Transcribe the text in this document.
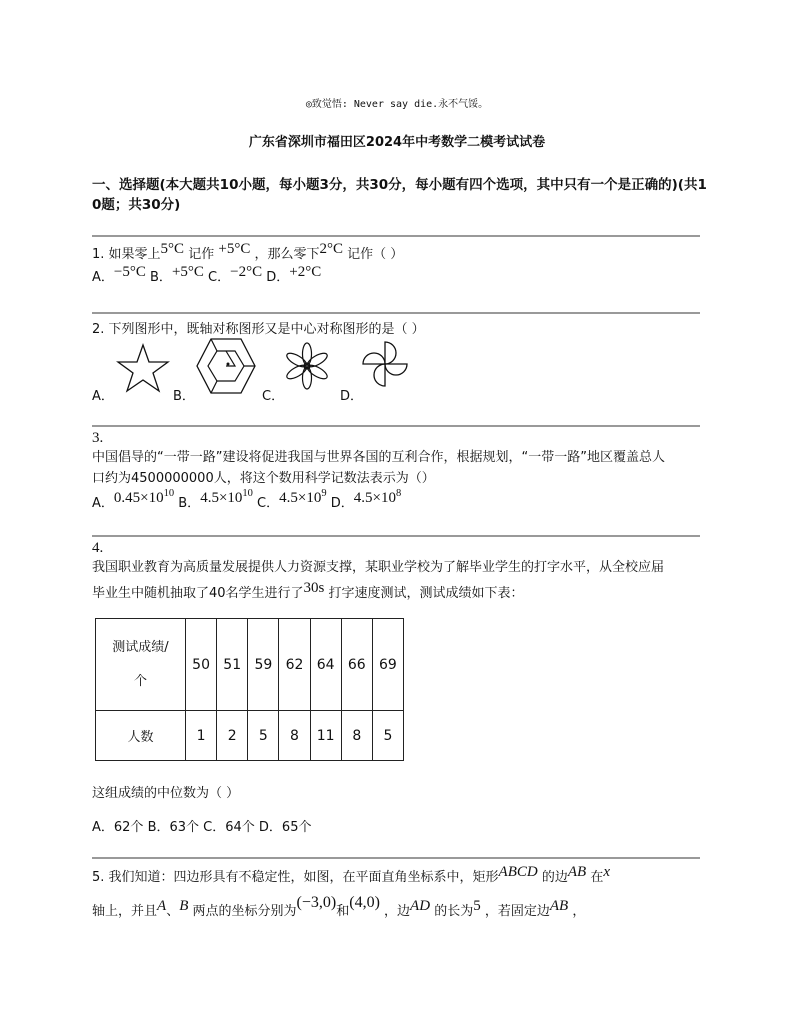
◎致觉悟: Never say die.永不气馁。
广东省深圳市福田区2024年中考数学二模考试试卷
一、选择题(本大题共10小题，每小题3分，共30分，每小题有四个选项，其中只有一个是正确的)(共1
0题；共30分)
1. 如果零上5°C 记作 +5°C ，那么零下2°C 记作（ ）
A．−5°C B．+5°C C．−2°C D．+2°C
2. 下列图形中，既轴对称图形又是中心对称图形的是（ ）
A．	B．	C．	D．
3.
中国倡导的“一带一路”建设将促进我国与世界各国的互利合作，根据规划，“一带一路”地区覆盖总人
口约为4500000000人，将这个数用科学记数法表示为（）
A．$0.45\times 10^{10}$ B．$4.5\times 10^{10}$ C．$4.5\times 10^9$ D．$4.5\times 10^8$
4.
我国职业教育为高质量发展提供人力资源支撑，某职业学校为了解毕业学生的打字水平，从全校应届
毕业生中随机抽取了40名学生进行了30s 打字速度测试，测试成绩如下表：
测试成绩/
个	50	51	59	62	64	66	69
人数	1	2	5	8	11	8	5
这组成绩的中位数为（ ）
A．62个 B．63个 C．64个 D．65个
5. 我们知道：四边形具有不稳定性，如图，在平面直角坐标系中，矩形ABCD 的边AB 在x
轴上，并且A、B 两点的坐标分别为(−3,0)和(4,0) ，边AD 的长为5 ，若固定边AB ，
